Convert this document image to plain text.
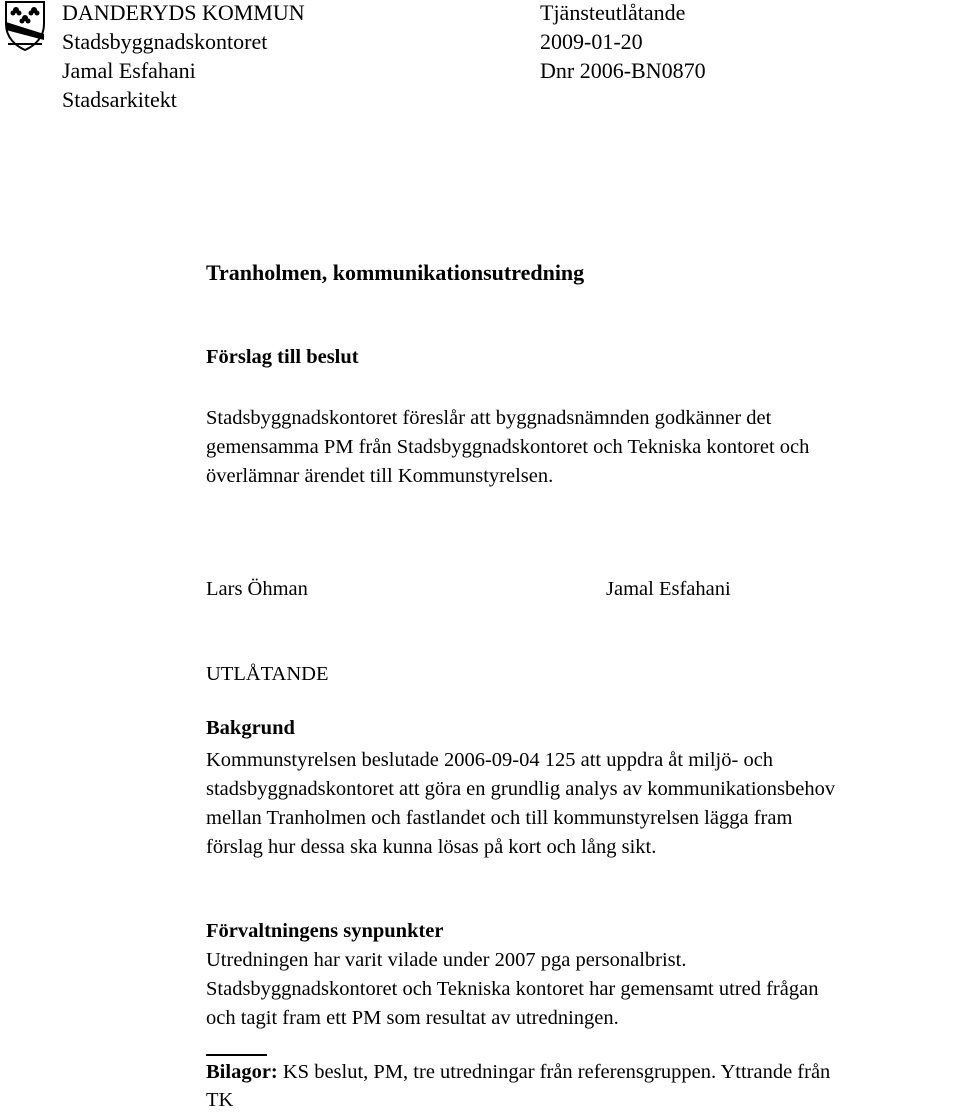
DANDERYDS KOMMUN
Stadsbyggnadskontoret
Jamal Esfahani
Stadsarkitekt
Tjänsteutlåtande
2009-01-20
Dnr 2006-BN0870
Tranholmen, kommunikationsutredning
Förslag till beslut
Stadsbyggnadskontoret föreslår att byggnadsnämnden godkänner det
gemensamma PM från Stadsbyggnadskontoret och Tekniska kontoret och
överlämnar ärendet till Kommunstyrelsen.
Lars Öhman	Jamal Esfahani
UTLÅTANDE
Bakgrund
Kommunstyrelsen beslutade 2006-09-04 125 att uppdra åt miljö- och
stadsbyggnadskontoret att göra en grundlig analys av kommunikationsbehov
mellan Tranholmen och fastlandet och till kommunstyrelsen lägga fram
förslag hur dessa ska kunna lösas på kort och lång sikt.
Förvaltningens synpunkter
Utredningen har varit vilade under 2007 pga personalbrist.
Stadsbyggnadskontoret och Tekniska kontoret har gemensamt utred frågan
och tagit fram ett PM som resultat av utredningen.
Bilagor: KS beslut, PM, tre utredningar från referensgruppen. Yttrande från
TK
